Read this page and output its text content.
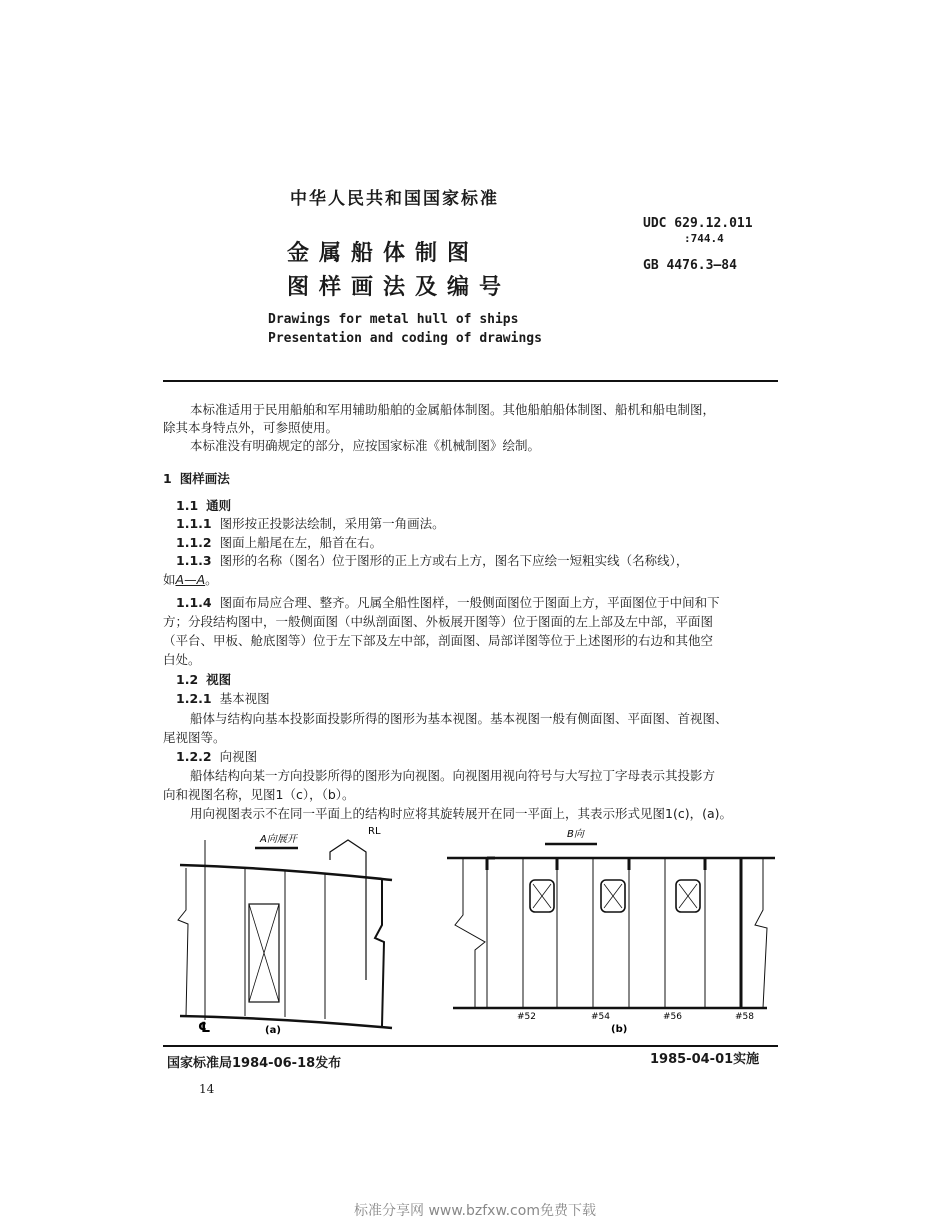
中华人民共和国国家标准
金属船体制图
图样画法及编号
Drawings for metal hull of ships
Presentation and coding of drawings
UDC 629.12.011
:744.4
GB 4476.3—84
本标准适用于民用船舶和军用辅助船舶的金属船体制图。其他船舶船体制图、船机和船电制图，
除其本身特点外，可参照使用。
本标准没有明确规定的部分，应按国家标准《机械制图》绘制。
1 图样画法
1.1 通则
1.1.1 图形按正投影法绘制，采用第一角画法。
1.1.2 图面上船尾在左，船首在右。
1.1.3 图形的名称（图名）位于图形的正上方或右上方，图名下应绘一短粗实线（名称线），
如A—A。
1.1.4 图面布局应合理、整齐。凡属全船性图样，一般侧面图位于图面上方，平面图位于中间和下
方；分段结构图中，一般侧面图（中纵剖面图、外板展开图等）位于图面的左上部及左中部，平面图
（平台、甲板、舱底图等）位于左下部及左中部，剖面图、局部详图等位于上述图形的右边和其他空
白处。
1.2 视图
1.2.1 基本视图
船体与结构向基本投影面投影所得的图形为基本视图。基本视图一般有侧面图、平面图、首视图、
尾视图等。
1.2.2 向视图
船体结构向某一方向投影所得的图形为向视图。向视图用视向符号与大写拉丁字母表示其投影方
向和视图名称，见图1（c），（b）。
用向视图表示不在同一平面上的结构时应将其旋转展开在同一平面上，其表示形式见图1(c)，(a)。
A向展开
RL
℄	(a)
B向
#52	#54	#56	#58
(b)
国家标准局1984-06-18发布	1985-04-01实施
14
标准分享网 www.bzfxw.com免费下载
